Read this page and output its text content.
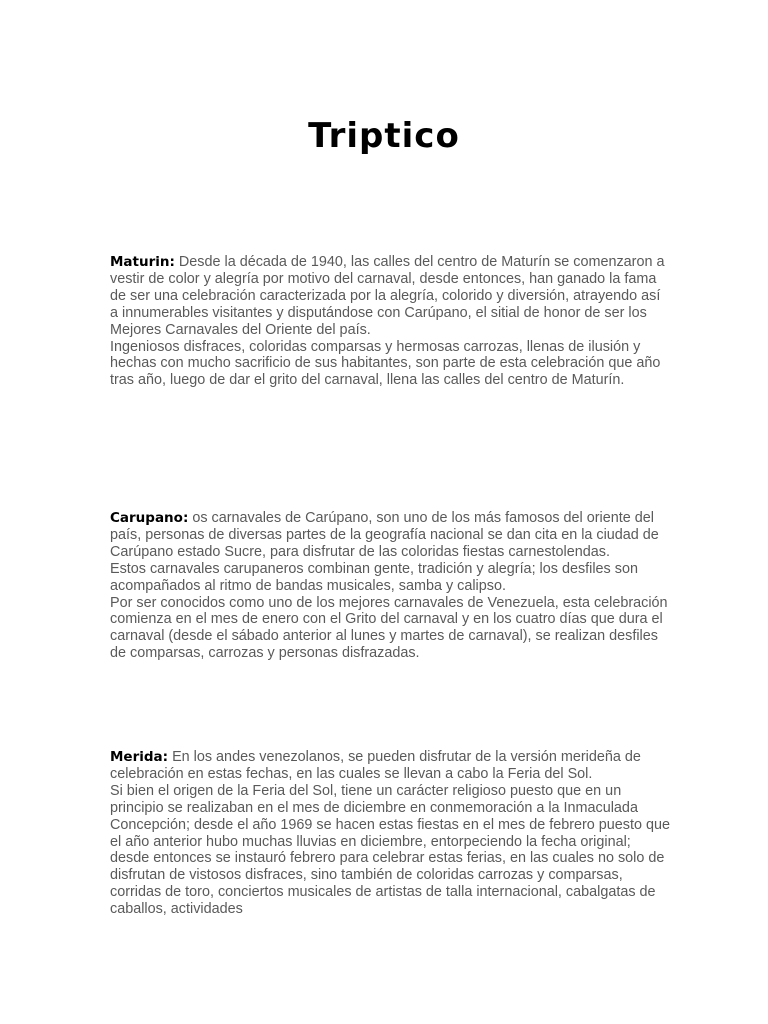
Triptico

Maturin: Desde la década de 1940, las calles del centro de Maturín se comenzaron a vestir de color y alegría por motivo del carnaval, desde entonces, han ganado la fama de ser una celebración caracterizada por la alegría, colorido y diversión, atrayendo así a innumerables visitantes y disputándose con Carúpano, el sitial de honor de ser los Mejores Carnavales del Oriente del país.

Ingeniosos disfraces, coloridas comparsas y hermosas carrozas, llenas de ilusión y hechas con mucho sacrificio de sus habitantes, son parte de esta celebración que año tras año, luego de dar el grito del carnaval, llena las calles del centro de Maturín.

Carupano: os carnavales de Carúpano, son uno de los más famosos del oriente del país, personas de diversas partes de la geografía nacional se dan cita en la ciudad de Carúpano estado Sucre, para disfrutar de las coloridas fiestas carnestolendas.

Estos carnavales carupaneros combinan gente, tradición y alegría; los desfiles son acompañados al ritmo de bandas musicales, samba y calipso.

Por ser conocidos como uno de los mejores carnavales de Venezuela, esta celebración comienza en el mes de enero con el Grito del carnaval y en los cuatro días que dura el carnaval (desde el sábado anterior al lunes y martes de carnaval), se realizan desfiles de comparsas, carrozas y personas disfrazadas.

Merida: En los andes venezolanos, se pueden disfrutar de la versión merideña de celebración en estas fechas, en las cuales se llevan a cabo la Feria del Sol.

Si bien el origen de la Feria del Sol, tiene un carácter religioso puesto que en un principio se realizaban en el mes de diciembre en conmemoración a la Inmaculada Concepción; desde el año 1969 se hacen estas fiestas en el mes de febrero puesto que el año anterior hubo muchas lluvias en diciembre, entorpeciendo la fecha original; desde entonces se instauró febrero para celebrar estas ferias, en las cuales no solo de disfrutan de vistosos disfraces, sino también de coloridas carrozas y comparsas, corridas de toro, conciertos musicales de artistas de talla internacional, cabalgatas de caballos, actividades
